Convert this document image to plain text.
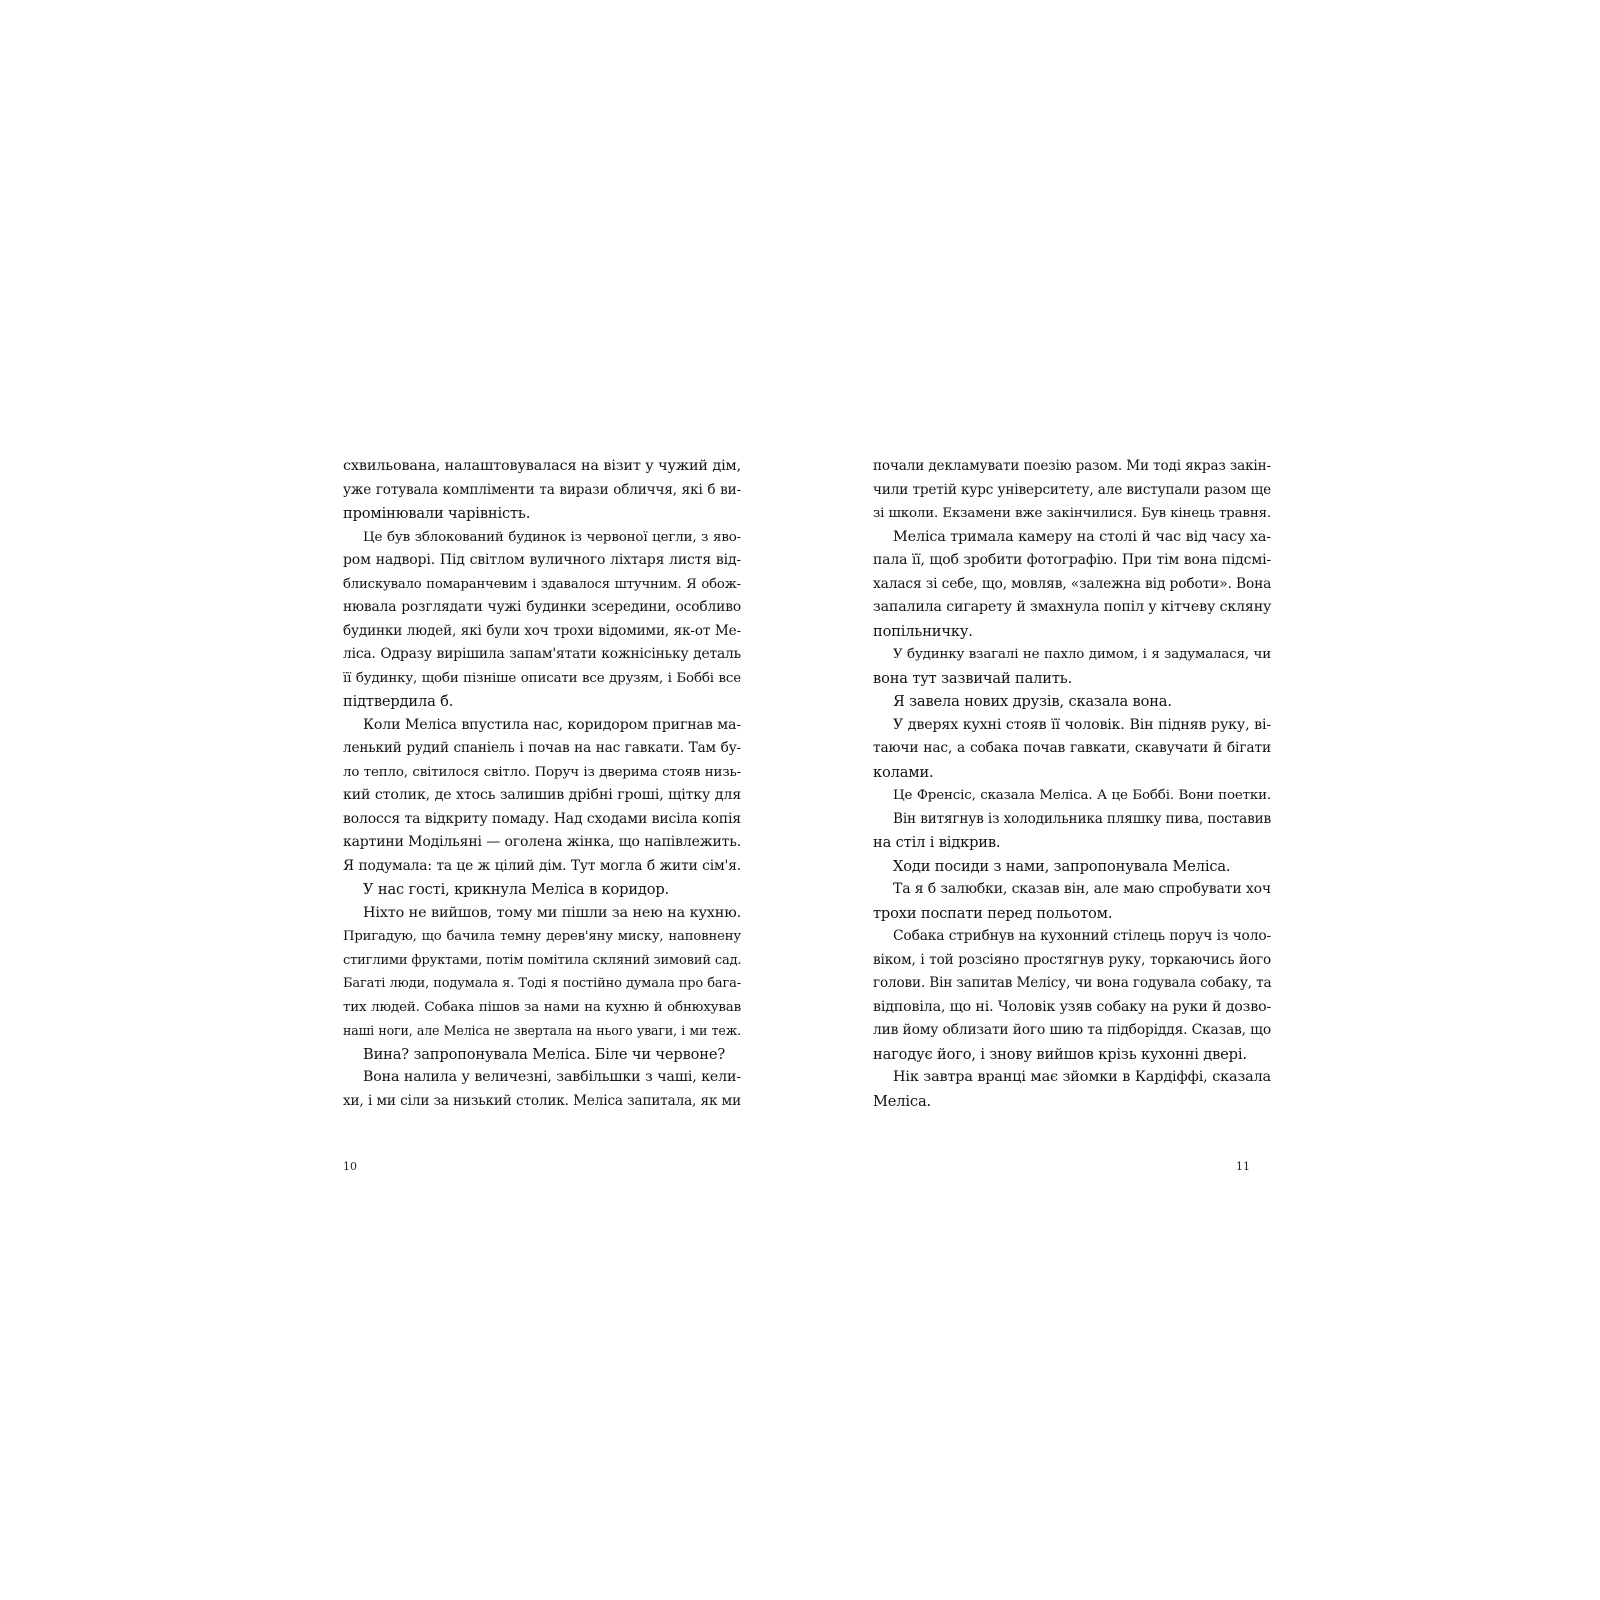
схвильована, налаштовувалася на візит у чужий дім,
уже готувала компліменти та вирази обличчя, які б ви-
промінювали чарівність.
Це був зблокований будинок із червоної цегли, з яво-
ром надворі. Під світлом вуличного ліхтаря листя від-
блискувало помаранчевим і здавалося штучним. Я обож-
нювала розглядати чужі будинки зсередини, особливо
будинки людей, які були хоч трохи відомими, як-от Ме-
ліса. Одразу вирішила запам'ятати кожнісіньку деталь
її будинку, щоби пізніше описати все друзям, і Боббі все
підтвердила б.
Коли Меліса впустила нас, коридором пригнав ма-
ленький рудий спаніель і почав на нас гавкати. Там бу-
ло тепло, світилося світло. Поруч із дверима стояв низь-
кий столик, де хтось залишив дрібні гроші, щітку для
волосся та відкриту помаду. Над сходами висіла копія
картини Модільяні — оголена жінка, що напівлежить.
Я подумала: та це ж цілий дім. Тут могла б жити сім'я.
У нас гості, крикнула Меліса в коридор.
Ніхто не вийшов, тому ми пішли за нею на кухню.
Пригадую, що бачила темну дерев'яну миску, наповнену
стиглими фруктами, потім помітила скляний зимовий сад.
Багаті люди, подумала я. Тоді я постійно думала про бага-
тих людей. Собака пішов за нами на кухню й обнюхував
наші ноги, але Меліса не звертала на нього уваги, і ми теж.
Вина? запропонувала Меліса. Біле чи червоне?
Вона налила у величезні, завбільшки з чаші, кели-
хи, і ми сіли за низький столик. Меліса запитала, як ми
почали декламувати поезію разом. Ми тоді якраз закін-
чили третій курс університету, але виступали разом ще
зі школи. Екзамени вже закінчилися. Був кінець травня.
Меліса тримала камеру на столі й час від часу ха-
пала її, щоб зробити фотографію. При тім вона підсмі-
халася зі себе, що, мовляв, «залежна від роботи». Вона
запалила сигарету й змахнула попіл у кітчеву скляну
попільничку.
У будинку взагалі не пахло димом, і я задумалася, чи
вона тут зазвичай палить.
Я завела нових друзів, сказала вона.
У дверях кухні стояв її чоловік. Він підняв руку, ві-
таючи нас, а собака почав гавкати, скавучати й бігати
колами.
Це Френсіс, сказала Меліса. А це Боббі. Вони поетки.
Він витягнув із холодильника пляшку пива, поставив
на стіл і відкрив.
Ходи посиди з нами, запропонувала Меліса.
Та я б залюбки, сказав він, але маю спробувати хоч
трохи поспати перед польотом.
Собака стрибнув на кухонний стілець поруч із чоло-
віком, і той розсіяно простягнув руку, торкаючись його
голови. Він запитав Мелісу, чи вона годувала собаку, та
відповіла, що ні. Чоловік узяв собаку на руки й дозво-
лив йому облизати його шию та підборіддя. Сказав, що
нагодує його, і знову вийшов крізь кухонні двері.
Нік завтра вранці має зйомки в Кардіффі, сказала
Меліса.
10	11
